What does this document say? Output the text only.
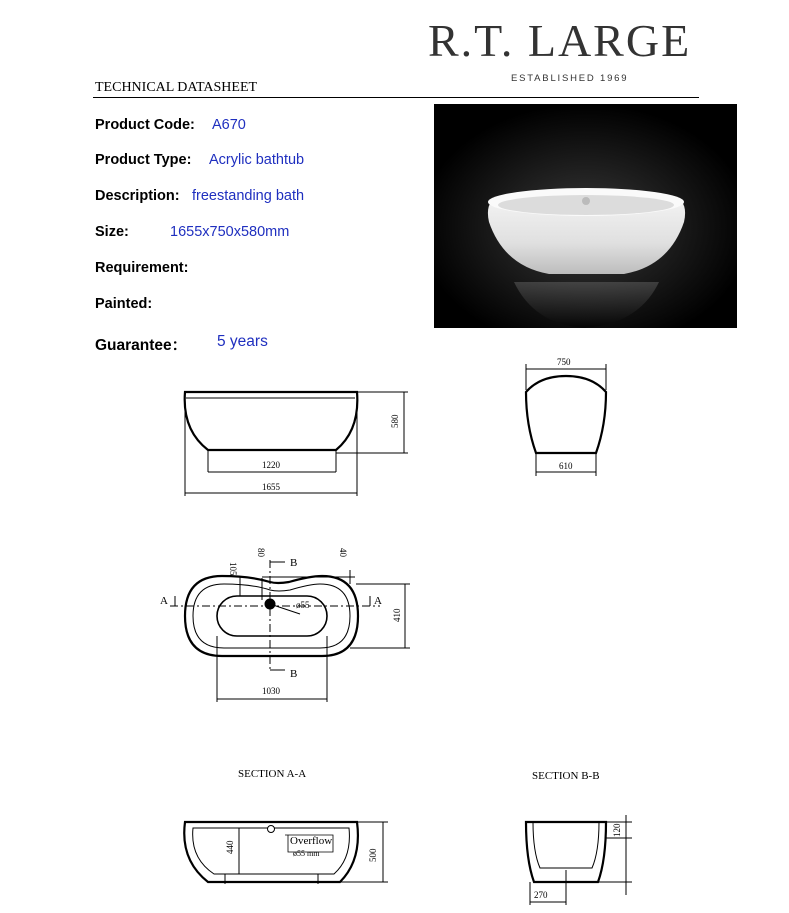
R.T. LARGE
ESTABLISHED 1969
TECHNICAL DATASHEET
Product Code: A670
Product Type: Acrylic bathtub
Description: freestanding bath
Size:	1655x750x580mm
Requirement:
Painted:
Guarantee： 5 years
1220
1655
580
750
610
80
105
40
410
1030
ø55
A	A
B
B
440
500
Overflow
ø55 mm
120
270
SECTION A-A	SECTION B-B
